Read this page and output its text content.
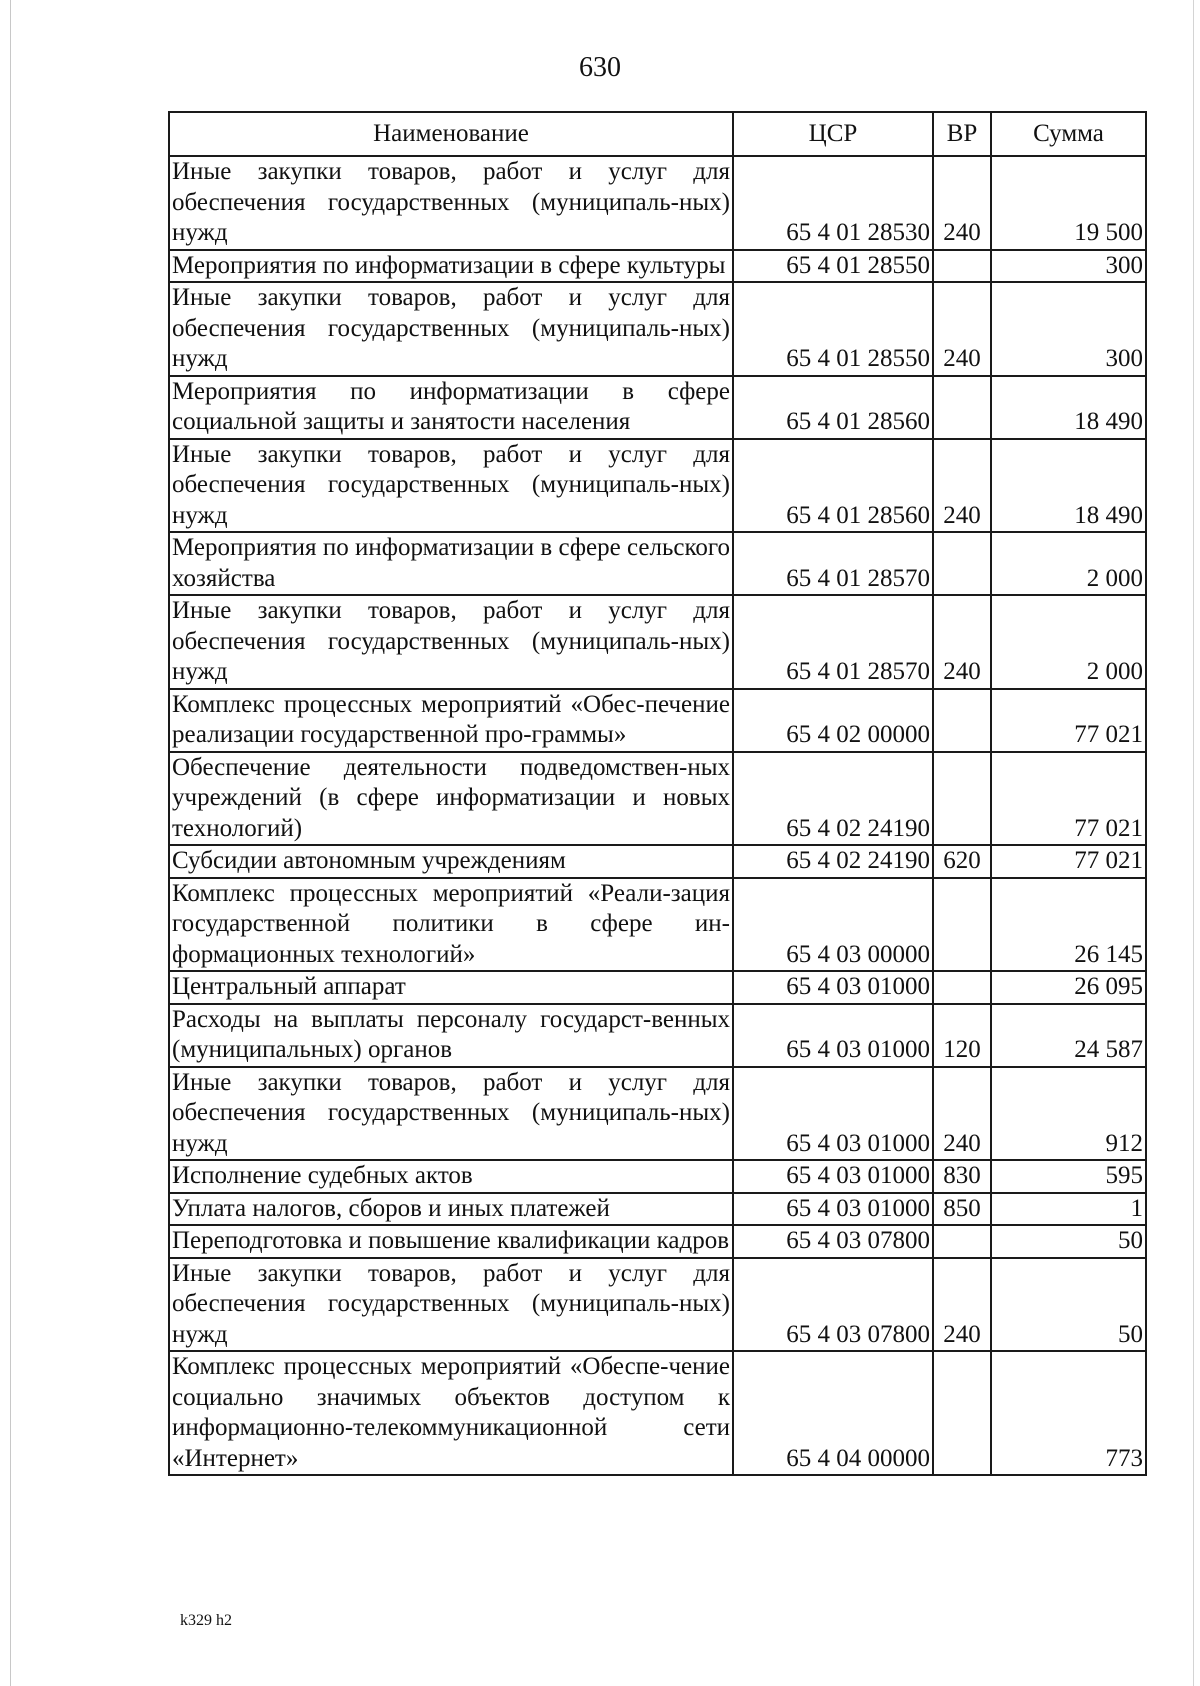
630
Наименование	ЦСР	ВР	Сумма
Иные закупки товаров, работ и услуг для обеспечения государственных (муниципаль-ных) нужд	65 4 01 28530	240	19 500
Мероприятия по информатизации в сфере культуры	65 4 01 28550		300
Иные закупки товаров, работ и услуг для обеспечения государственных (муниципаль-ных) нужд	65 4 01 28550	240	300
Мероприятия по информатизации в сфере социальной защиты и занятости населения	65 4 01 28560		18 490
Иные закупки товаров, работ и услуг для обеспечения государственных (муниципаль-ных) нужд	65 4 01 28560	240	18 490
Мероприятия по информатизации в сфере сельского хозяйства	65 4 01 28570		2 000
Иные закупки товаров, работ и услуг для обеспечения государственных (муниципаль-ных) нужд	65 4 01 28570	240	2 000
Комплекс процессных мероприятий «Обес-печение реализации государственной про-граммы»	65 4 02 00000		77 021
Обеспечение деятельности подведомствен-ных учреждений (в сфере информатизации и новых технологий)	65 4 02 24190		77 021
Субсидии автономным учреждениям	65 4 02 24190	620	77 021
Комплекс процессных мероприятий «Реали-зация государственной политики в сфере ин-формационных технологий»	65 4 03 00000		26 145
Центральный аппарат	65 4 03 01000		26 095
Расходы на выплаты персоналу государст-венных (муниципальных) органов	65 4 03 01000	120	24 587
Иные закупки товаров, работ и услуг для обеспечения государственных (муниципаль-ных) нужд	65 4 03 01000	240	912
Исполнение судебных актов	65 4 03 01000	830	595
Уплата налогов, сборов и иных платежей	65 4 03 01000	850	1
Переподготовка и повышение квалификации кадров	65 4 03 07800		50
Иные закупки товаров, работ и услуг для обеспечения государственных (муниципаль-ных) нужд	65 4 03 07800	240	50
Комплекс процессных мероприятий «Обеспе-чение социально значимых объектов доступом к информационно-телекоммуникационной сети «Интернет»	65 4 04 00000		773
k329 h2
